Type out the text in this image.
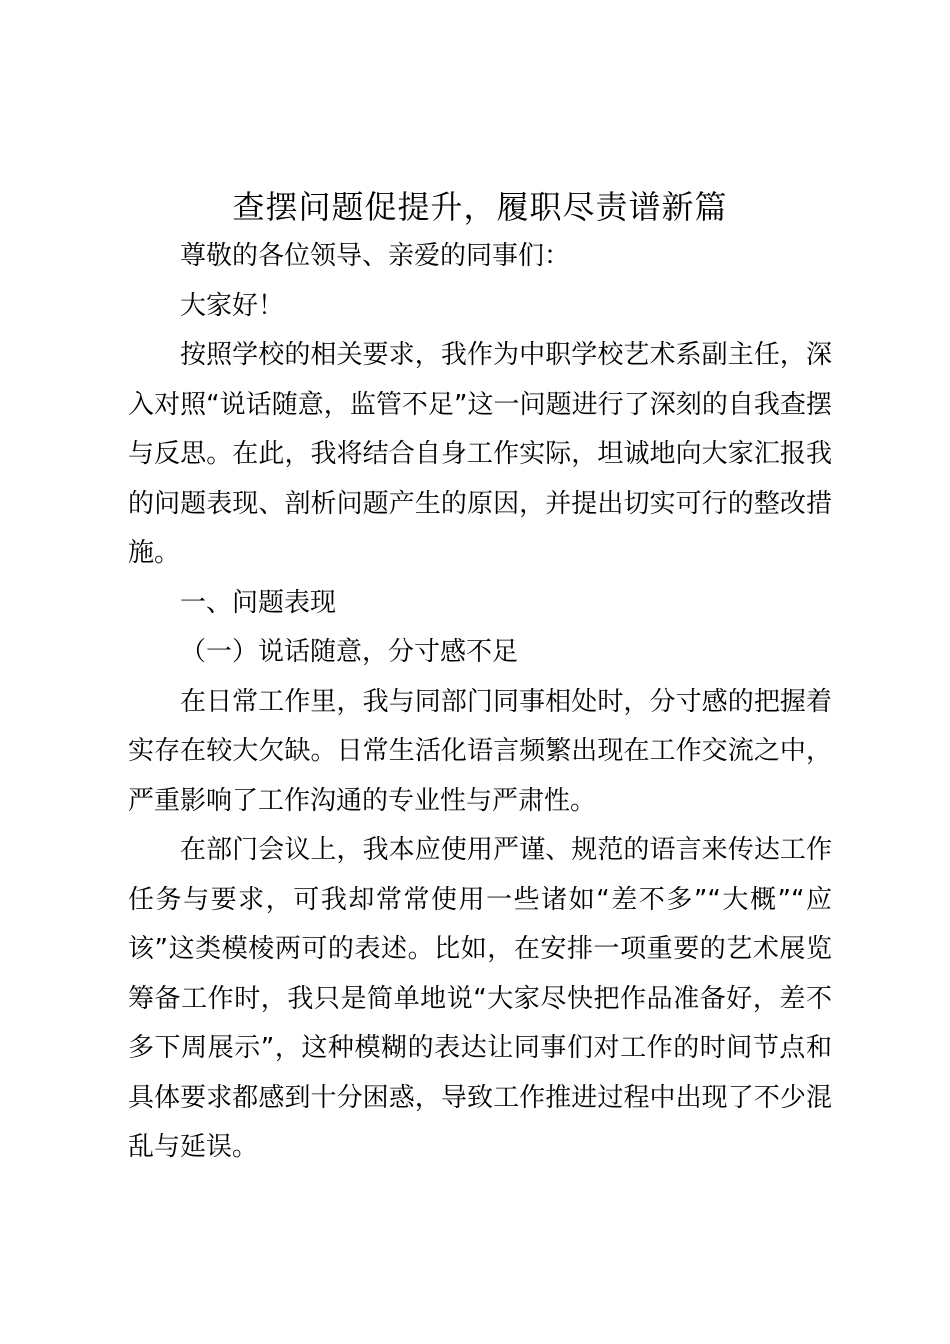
查摆问题促提升，履职尽责谱新篇

尊敬的各位领导、亲爱的同事们：

大家好！

按照学校的相关要求，我作为中职学校艺术系副主任，深入对照“说话随意，监管不足”这一问题进行了深刻的自我查摆与反思。在此，我将结合自身工作实际，坦诚地向大家汇报我的问题表现、剖析问题产生的原因，并提出切实可行的整改措施。

一、问题表现

（一）说话随意，分寸感不足

在日常工作里，我与同部门同事相处时，分寸感的把握着实存在较大欠缺。日常生活化语言频繁出现在工作交流之中，严重影响了工作沟通的专业性与严肃性。

在部门会议上，我本应使用严谨、规范的语言来传达工作任务与要求，可我却常常使用一些诸如“差不多”“大概”“应该”这类模棱两可的表述。比如，在安排一项重要的艺术展览筹备工作时，我只是简单地说“大家尽快把作品准备好，差不多下周展示”，这种模糊的表达让同事们对工作的时间节点和具体要求都感到十分困惑，导致工作推进过程中出现了不少混乱与延误。
